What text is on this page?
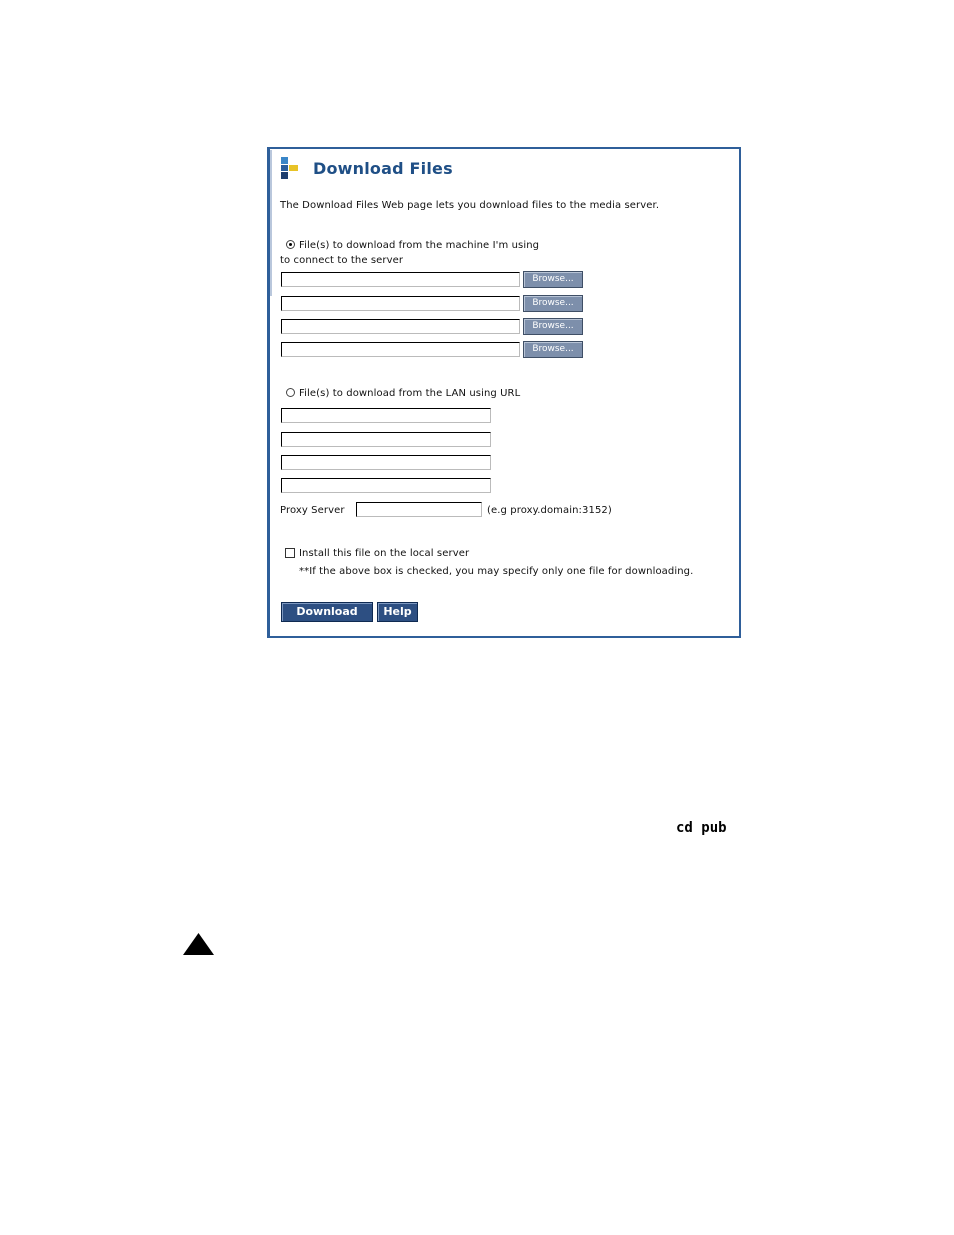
Download Files
The Download Files Web page lets you download files to the media server.
File(s) to download from the machine I'm using
to connect to the server
Browse...
Browse...
Browse...
Browse...
File(s) to download from the LAN using URL
Proxy Server	(e.g proxy.domain:3152)
Install this file on the local server
**If the above box is checked, you may specify only one file for downloading.
Download	Help
cd pub
